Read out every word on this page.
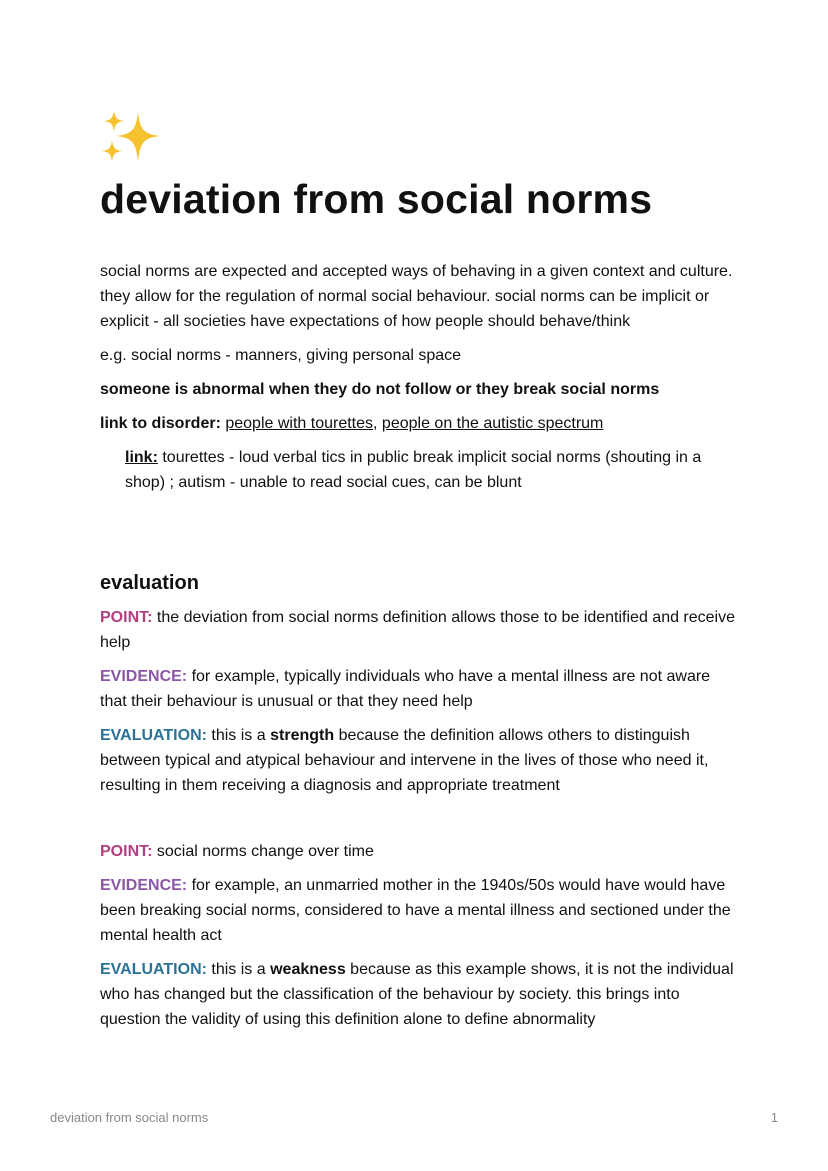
deviation from social norms

social norms are expected and accepted ways of behaving in a given context and culture. they allow for the regulation of normal social behaviour. social norms can be implicit or explicit - all societies have expectations of how people should behave/think

e.g. social norms - manners, giving personal space

someone is abnormal when they do not follow or they break social norms

link to disorder: people with tourettes, people on the autistic spectrum

link: tourettes - loud verbal tics in public break implicit social norms (shouting in a shop) ; autism - unable to read social cues, can be blunt

evaluation

POINT: the deviation from social norms definition allows those to be identified and receive help

EVIDENCE: for example, typically individuals who have a mental illness are not aware that their behaviour is unusual or that they need help

EVALUATION: this is a strength because the definition allows others to distinguish between typical and atypical behaviour and intervene in the lives of those who need it, resulting in them receiving a diagnosis and appropriate treatment

POINT: social norms change over time

EVIDENCE: for example, an unmarried mother in the 1940s/50s would have would have been breaking social norms, considered to have a mental illness and sectioned under the mental health act

EVALUATION: this is a weakness because as this example shows, it is not the individual who has changed but the classification of the behaviour by society. this brings into question the validity of using this definition alone to define abnormality

deviation from social norms	1
